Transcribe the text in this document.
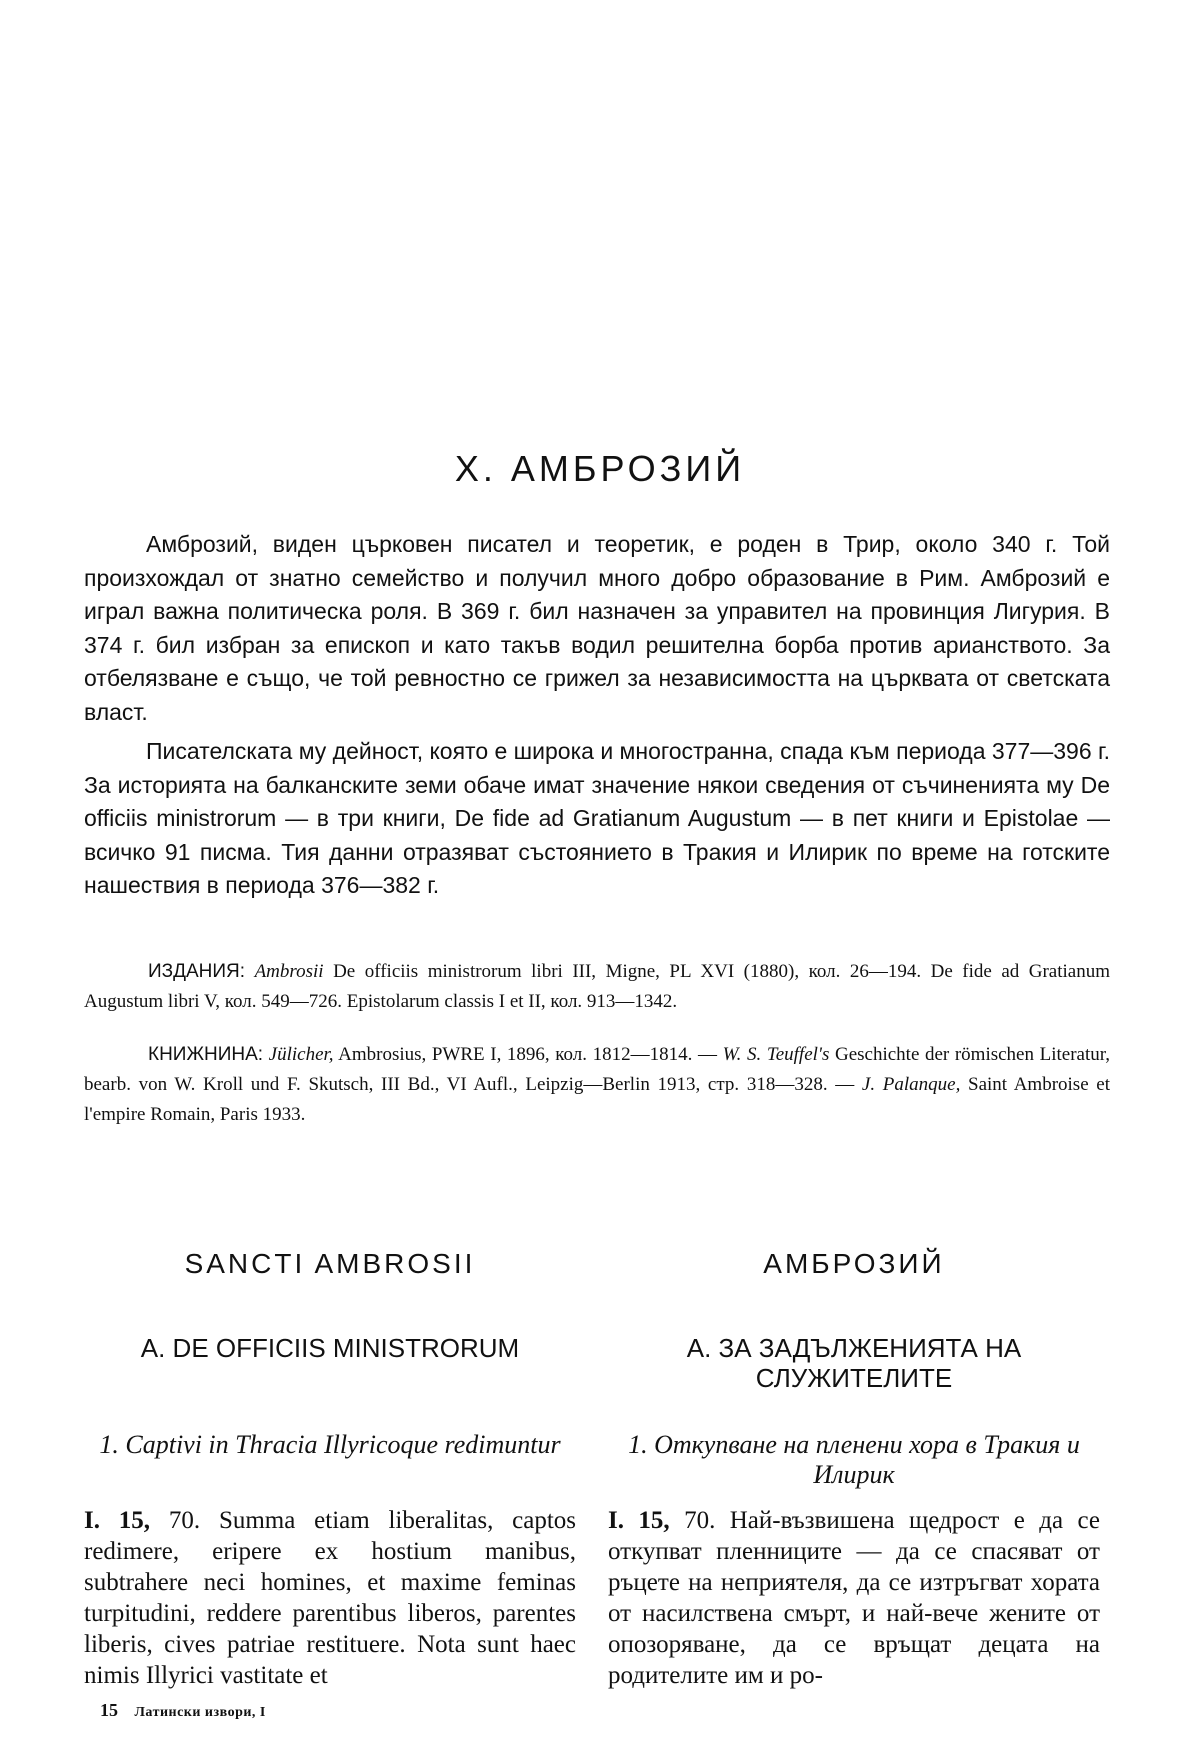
Х. АМБРОЗИЙ

Амброзий, виден църковен писател и теоретик, е роден в Трир, около 340 г. Той произхождал от знатно семейство и получил много добро образование в Рим. Амброзий е играл важна политическа роля. В 369 г. бил назначен за управител на провинция Лигурия. В 374 г. бил избран за епископ и като такъв водил решителна борба против арианството. За отбелязване е също, че той ревностно се грижел за независимостта на църквата от светската власт.

Писателската му дейност, която е широка и многостранна, спада към периода 377—396 г. За историята на балканските земи обаче имат значение някои сведения от съчиненията му De officiis ministrorum — в три книги, De fide ad Gratianum Augustum — в пет книги и Epistolae — всичко 91 писма. Тия данни отразяват състоянието в Тракия и Илирик по време на готските нашествия в периода 376—382 г.

ИЗДАНИЯ: Ambrosii De officiis ministrorum libri III, Migne, PL XVI (1880), кол. 26—194. De fide ad Gratianum Augustum libri V, кол. 549—726. Epistolarum classis I et II, кол. 913—1342.
КНИЖНИНА: Jülicher, Ambrosius, PWRE I, 1896, кол. 1812—1814. — W. S. Teuffel's Geschichte der römischen Literatur, bearb. von W. Kroll und F. Skutsch, III Bd., VI Aufl., Leipzig—Berlin 1913, стр. 318—328. — J. Palanque, Saint Ambroise et l'empire Romain, Paris 1933.
SANCTI AMBROSII	АМБРОЗИЙ
A. DE OFFICIIS MINISTRORUM	А. ЗА ЗАДЪЛЖЕНИЯТА НА СЛУЖИТЕЛИТЕ
1. Captivi in Thracia Illyricoque redimuntur	1. Откупване на пленени хора в Тракия и Илирик
I. 15, 70. Summa etiam liberalitas, captos redimere, eripere ex hostium manibus, subtrahere neci homines, et maxime feminas turpitudini, reddere parentibus liberos, parentes liberis, cives patriae restituere. Nota sunt haec nimis Illyrici vastitate et
I. 15, 70. Най-възвишена щедрост е да се откупват пленниците — да се спасяват от ръцете на неприятеля, да се изтръгват хората от насилствена смърт, и най-вече жените от опозоряване, да се връщат децата на родителите им и ро-
15 Латински извори, I
